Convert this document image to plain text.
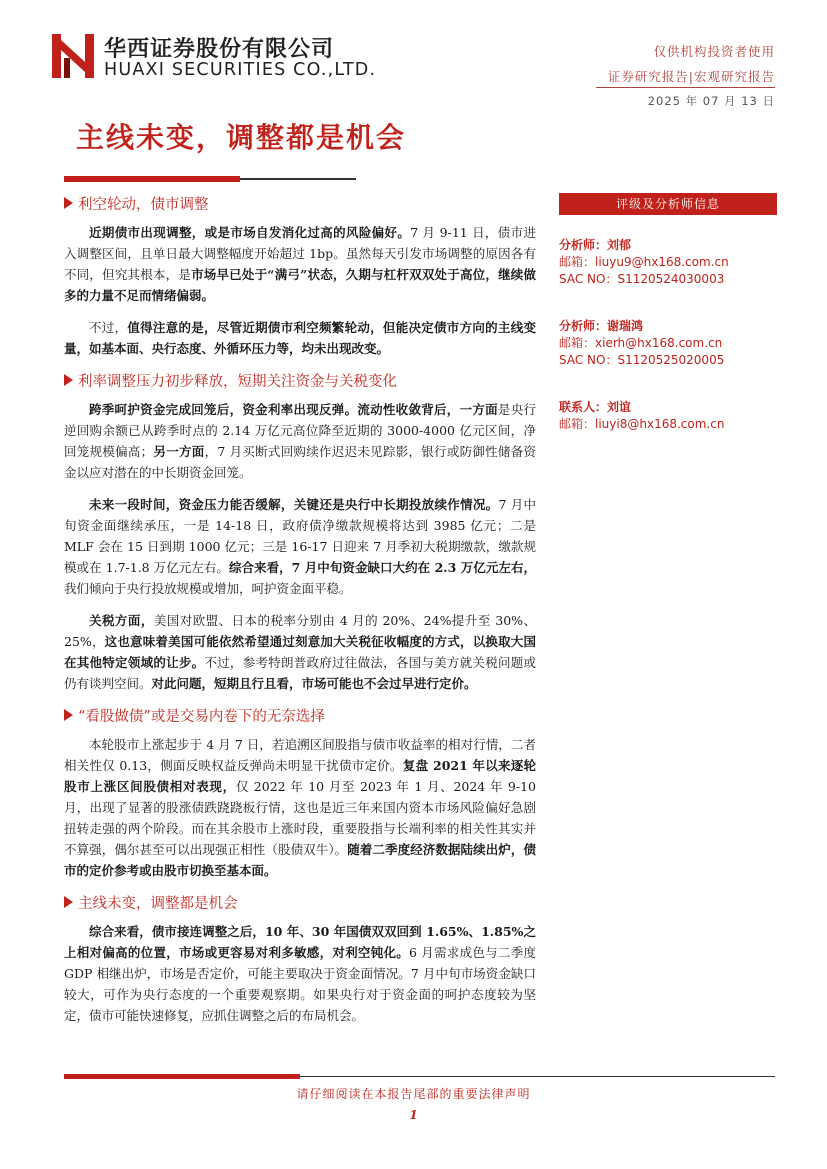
华西证券股份有限公司
HUAXI SECURITIES CO.,LTD.
仅供机构投资者使用
证券研究报告|宏观研究报告
2025 年 07 月 13 日
主线未变，调整都是机会
利空轮动，债市调整

近期债市出现调整，或是市场自发消化过高的风险偏好。7 月 9-11 日，债市进入调整区间，且单日最大调整幅度开始超过 1bp。虽然每天引发市场调整的原因各有不同，但究其根本，是市场早已处于“满弓”状态，久期与杠杆双双处于高位，继续做多的力量不足而情绪偏弱。

不过，值得注意的是，尽管近期债市利空频繁轮动，但能决定债市方向的主线变量，如基本面、央行态度、外循环压力等，均未出现改变。

利率调整压力初步释放，短期关注资金与关税变化

跨季呵护资金完成回笼后，资金利率出现反弹。流动性收敛背后，一方面是央行逆回购余额已从跨季时点的 2.14 万亿元高位降至近期的 3000-4000 亿元区间，净回笼规模偏高；另一方面，7 月买断式回购续作迟迟未见踪影，银行或防御性储备资金以应对潜在的中长期资金回笼。

未来一段时间，资金压力能否缓解，关键还是央行中长期投放续作情况。7 月中旬资金面继续承压，一是 14-18 日，政府债净缴款规模将达到 3985 亿元；二是 MLF 会在 15 日到期 1000 亿元；三是 16-17 日迎来 7 月季初大税期缴款，缴款规模或在 1.7-1.8 万亿元左右。综合来看，7 月中旬资金缺口大约在 2.3 万亿元左右，我们倾向于央行投放规模或增加，呵护资金面平稳。

关税方面，美国对欧盟、日本的税率分别由 4 月的 20%、24%提升至 30%、25%，这也意味着美国可能依然希望通过刻意加大关税征收幅度的方式，以换取大国在其他特定领域的让步。不过，参考特朗普政府过往做法，各国与美方就关税问题或仍有谈判空间。对此问题，短期且行且看，市场可能也不会过早进行定价。

“看股做债”或是交易内卷下的无奈选择

本轮股市上涨起步于 4 月 7 日，若追溯区间股指与债市收益率的相对行情，二者相关性仅 0.13，侧面反映权益反弹尚未明显干扰债市定价。复盘 2021 年以来逐轮股市上涨区间股债相对表现，仅 2022 年 10 月至 2023 年 1 月、2024 年 9-10 月，出现了显著的股涨债跌跷跷板行情，这也是近三年来国内资本市场风险偏好急剧扭转走强的两个阶段。而在其余股市上涨时段，重要股指与长端利率的相关性其实并不算强，偶尔甚至可以出现强正相性（股债双牛）。随着二季度经济数据陆续出炉，债市的定价参考或由股市切换至基本面。

主线未变，调整都是机会

综合来看，债市接连调整之后，10 年、30 年国债双双回到 1.65%、1.85%之上相对偏高的位置，市场或更容易对利多敏感，对利空钝化。6 月需求成色与二季度 GDP 相继出炉，市场是否定价，可能主要取决于资金面情况。7 月中旬市场资金缺口较大，可作为央行态度的一个重要观察期。如果央行对于资金面的呵护态度较为坚定，债市可能快速修复，应抓住调整之后的布局机会。

评级及分析师信息
分析师：刘郁
邮箱：liuyu9@hx168.com.cn
SAC NO：S1120524030003
分析师：谢瑞鸿
邮箱：xierh@hx168.com.cn
SAC NO：S1120525020005
联系人：刘谊
邮箱：liuyi8@hx168.com.cn
请仔细阅读在本报告尾部的重要法律声明
1
